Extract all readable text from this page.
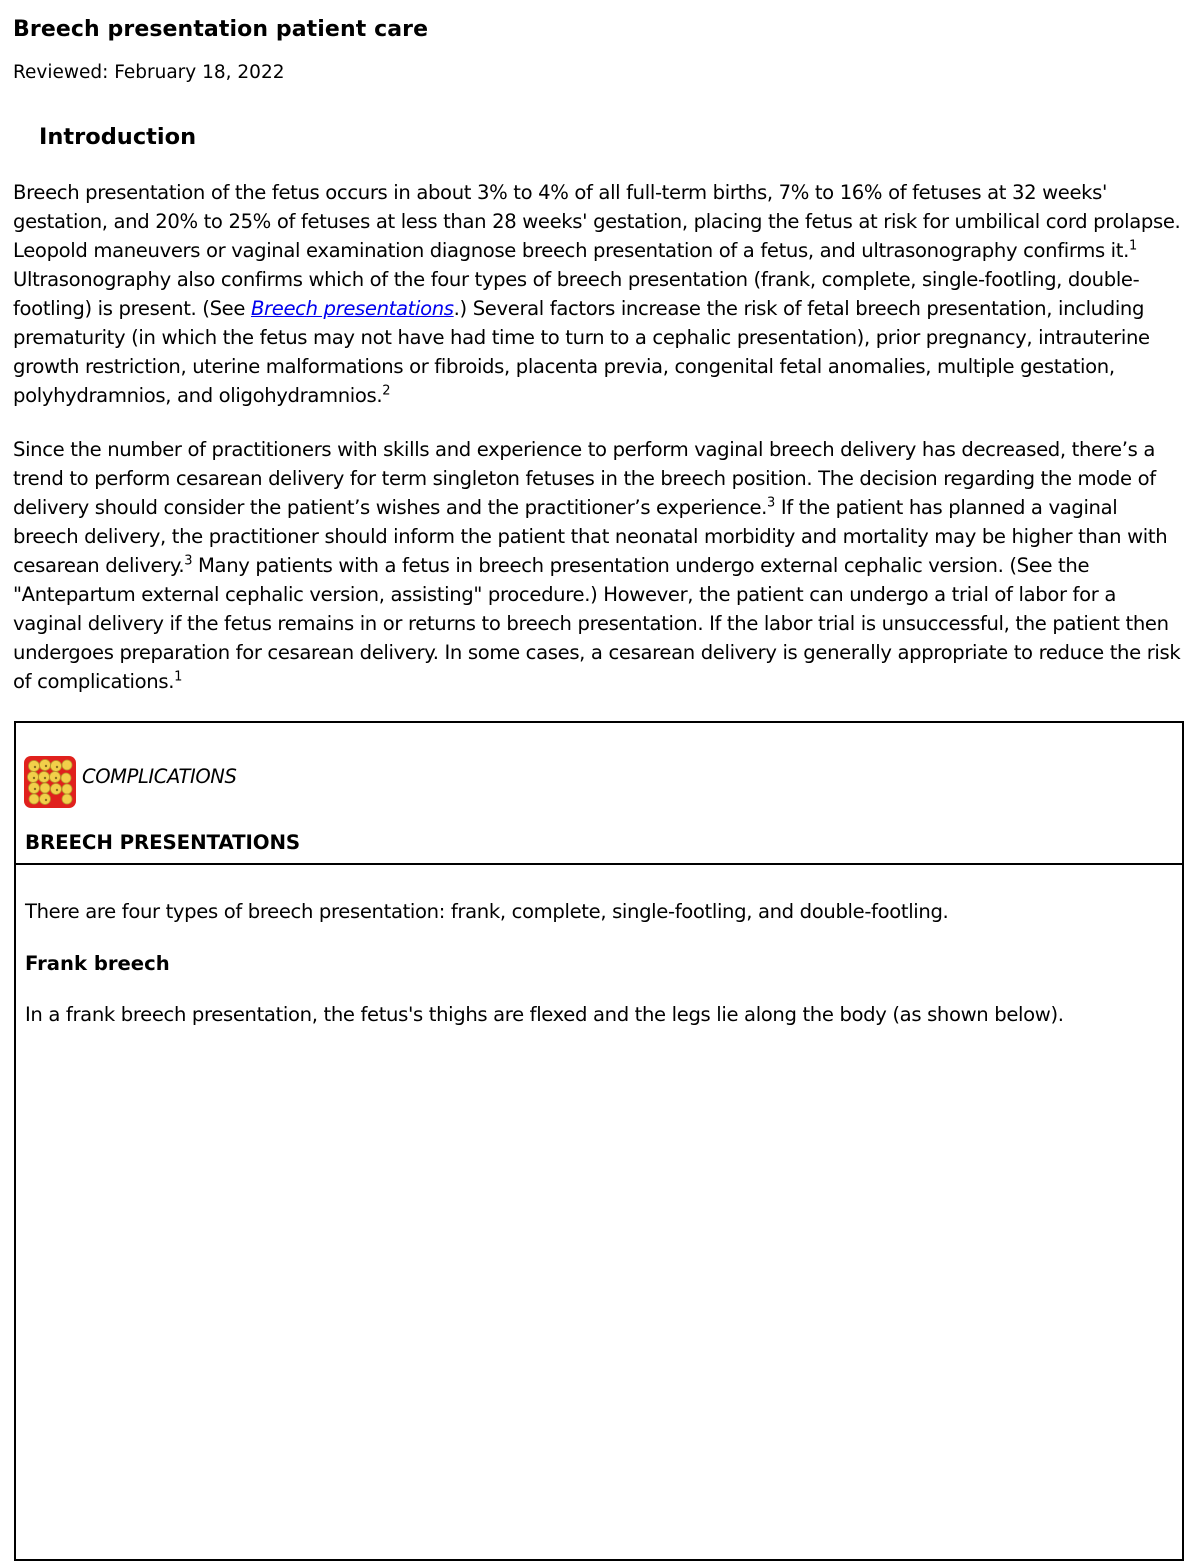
Breech presentation patient care
Reviewed: February 18, 2022
Introduction

Breech presentation of the fetus occurs in about 3% to 4% of all full-term births, 7% to 16% of fetuses at 32 weeks' gestation, and 20% to 25% of fetuses at less than 28 weeks' gestation, placing the fetus at risk for umbilical cord prolapse. Leopold maneuvers or vaginal examination diagnose breech presentation of a fetus, and ultrasonography confirms it.$^1$ Ultrasonography also confirms which of the four types of breech presentation (frank, complete, single-footling, double-footling) is present. (See Breech presentations.) Several factors increase the risk of fetal breech presentation, including prematurity (in which the fetus may not have had time to turn to a cephalic presentation), prior pregnancy, intrauterine growth restriction, uterine malformations or fibroids, placenta previa, congenital fetal anomalies, multiple gestation, polyhydramnios, and oligohydramnios.$^2$

Since the number of practitioners with skills and experience to perform vaginal breech delivery has decreased, there’s a trend to perform cesarean delivery for term singleton fetuses in the breech position. The decision regarding the mode of delivery should consider the patient’s wishes and the practitioner’s experience.$^3$ If the patient has planned a vaginal breech delivery, the practitioner should inform the patient that neonatal morbidity and mortality may be higher than with cesarean delivery.$^3$ Many patients with a fetus in breech presentation undergo external cephalic version. (See the "Antepartum external cephalic version, assisting" procedure.) However, the patient can undergo a trial of labor for a vaginal delivery if the fetus remains in or returns to breech presentation. If the labor trial is unsuccessful, the patient then undergoes preparation for cesarean delivery. In some cases, a cesarean delivery is generally appropriate to reduce the risk of complications.$^1$

COMPLICATIONS
BREECH PRESENTATIONS
There are four types of breech presentation: frank, complete, single-footling, and double-footling.
Frank breech
In a frank breech presentation, the fetus's thighs are flexed and the legs lie along the body (as shown below).
